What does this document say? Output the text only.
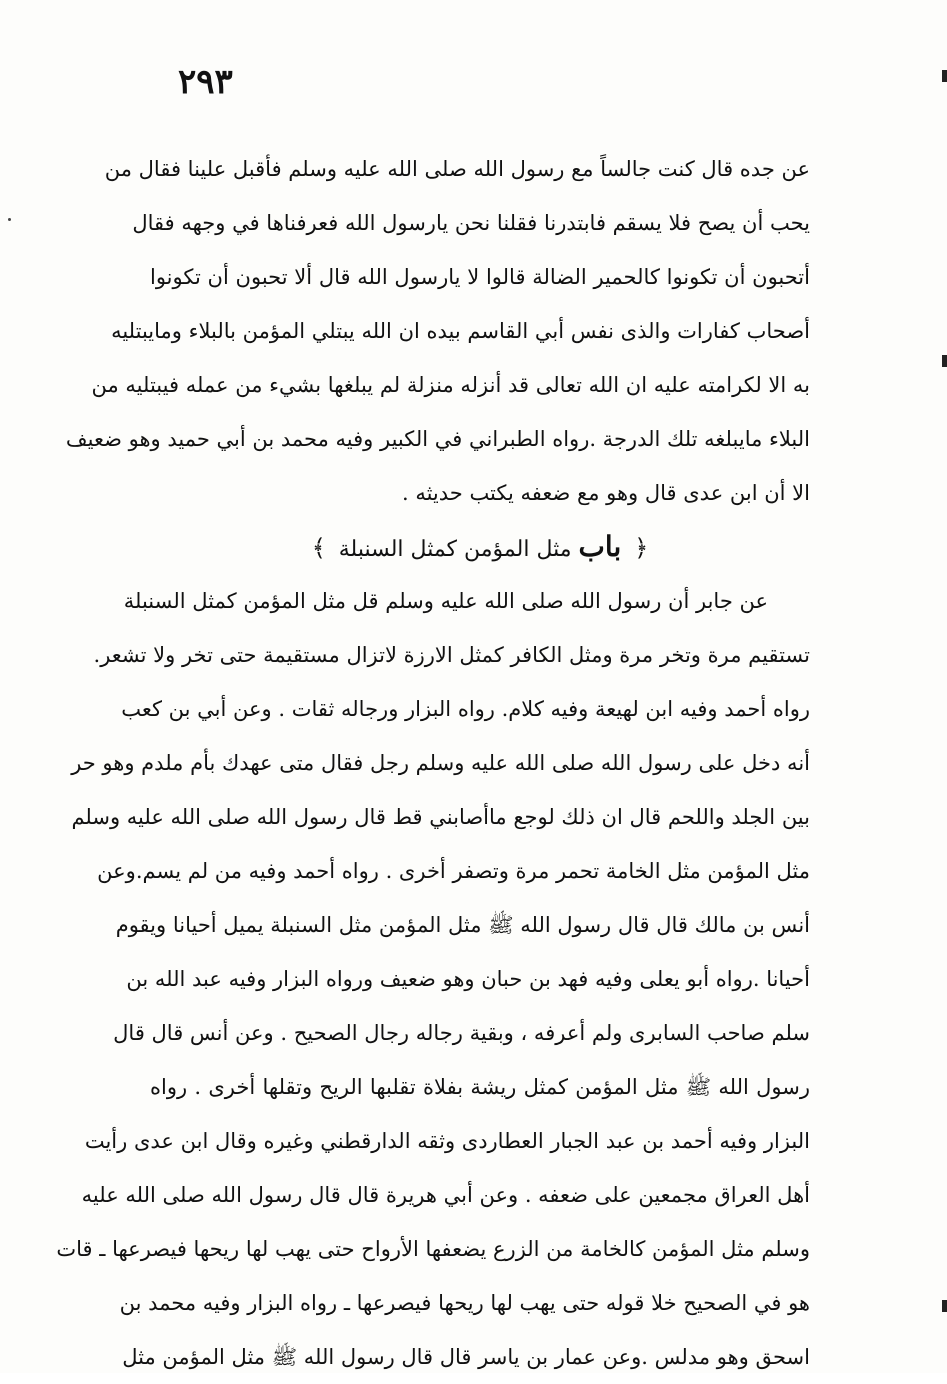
٢٩٣
عن جده قال كنت جالساً مع رسول الله صلى الله عليه وسلم فأقبل علينا فقال من
يحب أن يصح فلا يسقم فابتدرنا فقلنا نحن يارسول الله فعرفناها في وجهه فقال
أتحبون أن تكونوا كالحمير الضالة قالوا لا يارسول الله قال ألا تحبون أن تكونوا
أصحاب كفارات والذى نفس أبي القاسم بيده ان الله يبتلي المؤمن بالبلاء ومايبتليه
به الا لكرامته عليه ان الله تعالى قد أنزله منزلة لم يبلغها بشيء من عمله فيبتليه من
البلاء مايبلغه تلك الدرجة .رواه الطبراني في الكبير وفيه محمد بن أبي حميد وهو ضعيف
الا أن ابن عدى قال وهو مع ضعفه يكتب حديثه .
﴿ باب مثل المؤمن كمثل السنبلة ﴾
عن جابر أن رسول الله صلى الله عليه وسلم قل مثل المؤمن كمثل السنبلة
تستقيم مرة وتخر مرة ومثل الكافر كمثل الارزة لاتزال مستقيمة حتى تخر ولا تشعر.
رواه أحمد وفيه ابن لهيعة وفيه كلام. رواه البزار ورجاله ثقات . وعن أبي بن كعب
أنه دخل على رسول الله صلى الله عليه وسلم رجل فقال متى عهدك بأم ملدم وهو حر
بين الجلد واللحم قال ان ذلك لوجع ماأصابني قط قال رسول الله صلى الله عليه وسلم
مثل المؤمن مثل الخامة تحمر مرة وتصفر أخرى . رواه أحمد وفيه من لم يسم.وعن
أنس بن مالك قال قال رسول الله ﷺ مثل المؤمن مثل السنبلة يميل أحيانا ويقوم
أحيانا .رواه أبو يعلى وفيه فهد بن حبان وهو ضعيف ورواه البزار وفيه عبد الله بن
سلم صاحب السابرى ولم أعرفه ، وبقية رجاله رجال الصحيح . وعن أنس قال قال
رسول الله ﷺ مثل المؤمن كمثل ريشة بفلاة تقلبها الريح وتقلها أخرى . رواه
البزار وفيه أحمد بن عبد الجبار العطاردى وثقه الدارقطني وغيره وقال ابن عدى رأيت
أهل العراق مجمعين على ضعفه . وعن أبي هريرة قال قال رسول الله صلى الله عليه
وسلم مثل المؤمن كالخامة من الزرع يضعفها الأرواح حتى يهب لها ريحها فيصرعها ـ قات
هو في الصحيح خلا قوله حتى يهب لها ريحها فيصرعها ـ رواه البزار وفيه محمد بن
اسحق وهو مدلس .وعن عمار بن ياسر قال قال رسول الله ﷺ مثل المؤمن مثل
